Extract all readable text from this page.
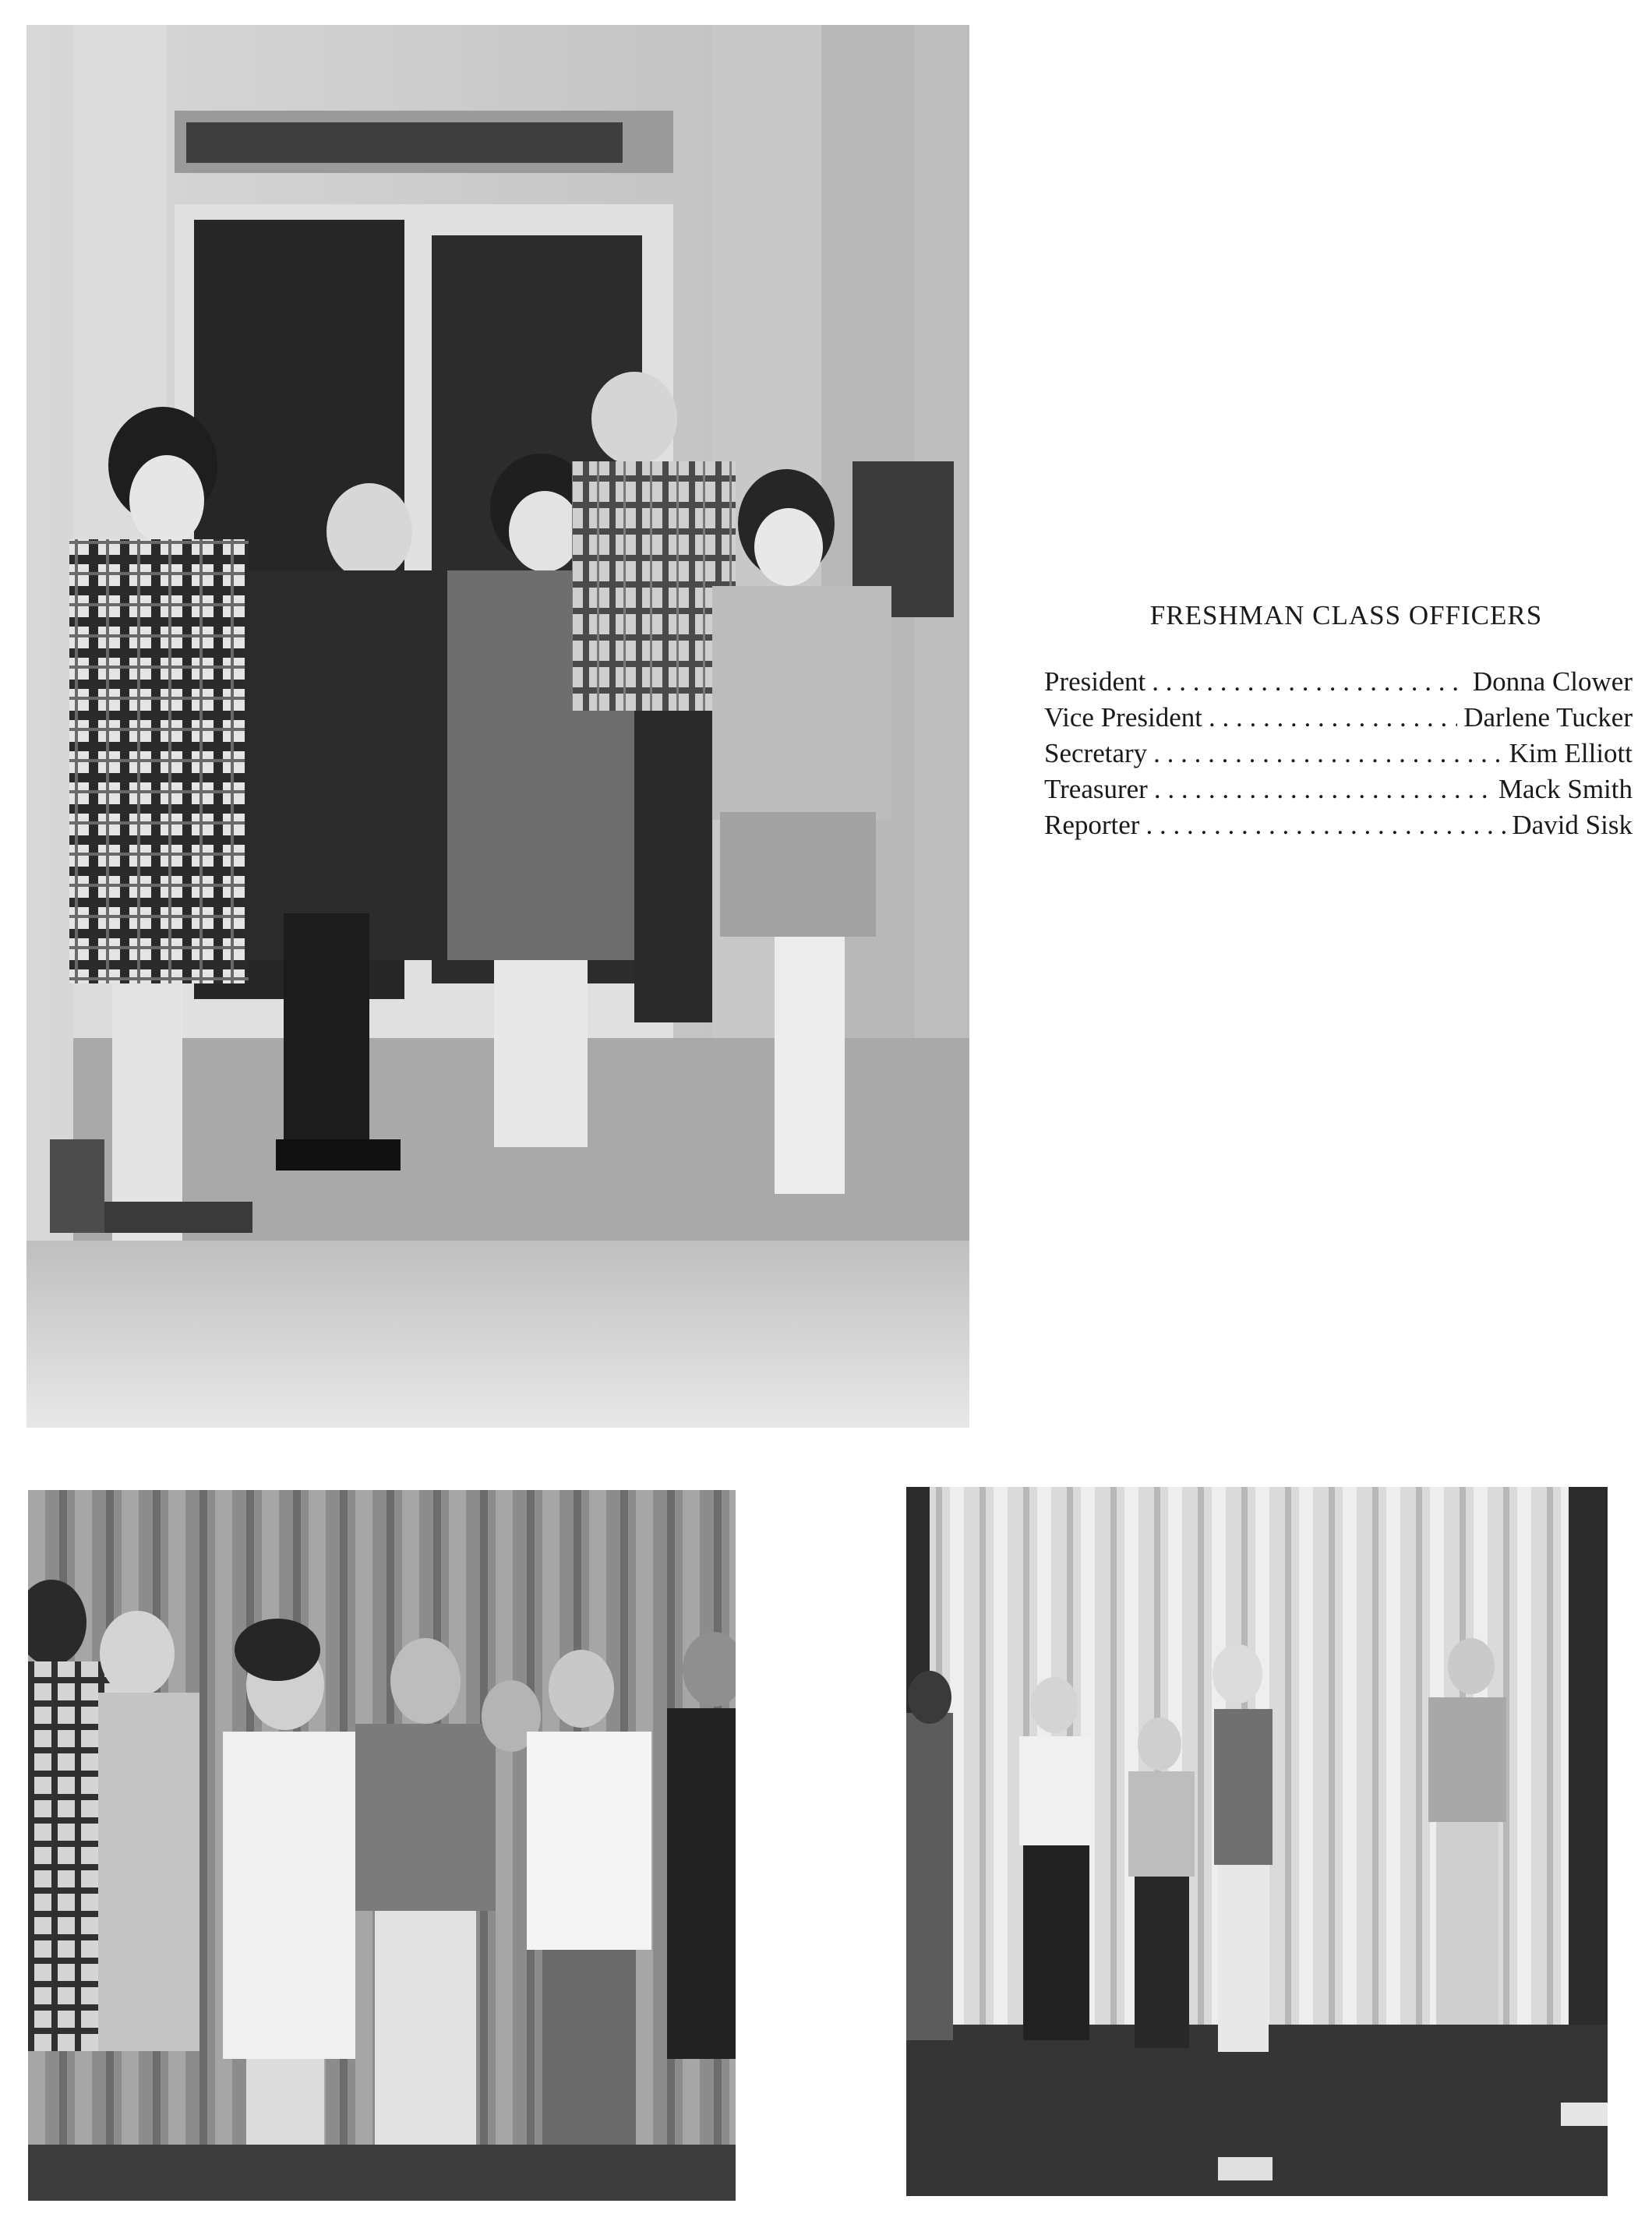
FRESHMAN CLASS OFFICERS
President . . .	Donna Clower
Vice President . . .	Darlene Tucker
Secretary . . .	Kim Elliott
Treasurer . . .	Mack Smith
Reporter . . .	David Sisk
